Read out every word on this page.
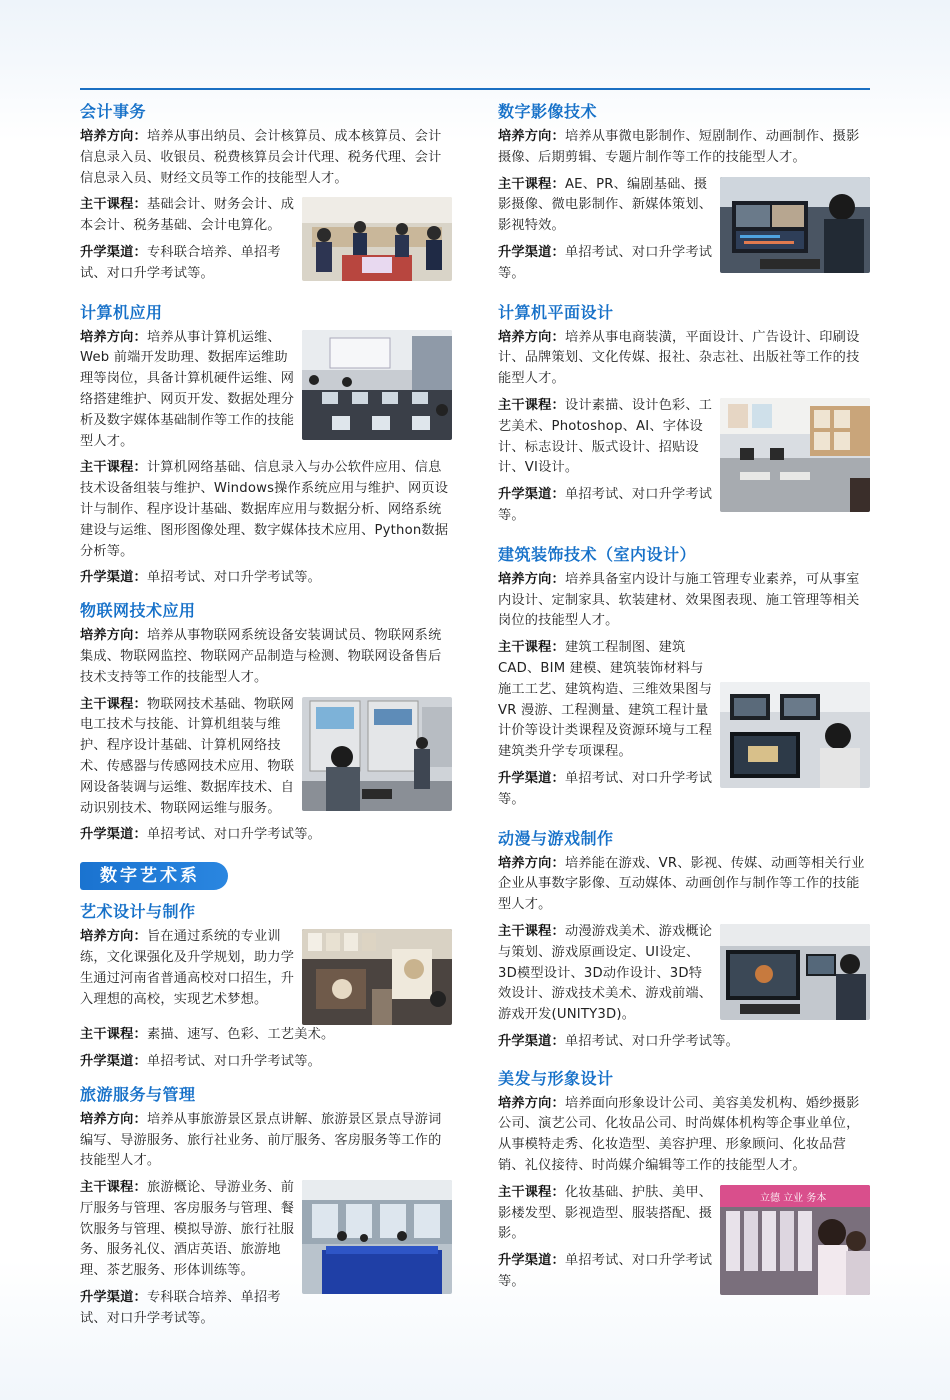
会计事务

培养方向：培养从事出纳员、会计核算员、成本核算员、会计信息录入员、收银员、税费核算员会计代理、税务代理、会计信息录入员、财经文员等工作的技能型人才。

主干课程：基础会计、财务会计、成本会计、税务基础、会计电算化。

升学渠道：专科联合培养、单招考试、对口升学考试等。

计算机应用

培养方向：培养从事计算机运维、Web 前端开发助理、数据库运维助理等岗位，具备计算机硬件运维、网络搭建维护、网页开发、数据处理分析及数字媒体基础制作等工作的技能型人才。

主干课程：计算机网络基础、信息录入与办公软件应用、信息技术设备组装与维护、Windows操作系统应用与维护、网页设计与制作、程序设计基础、数据库应用与数据分析、网络系统建设与运维、图形图像处理、数字媒体技术应用、Python数据分析等。

升学渠道：单招考试、对口升学考试等。

物联网技术应用

培养方向：培养从事物联网系统设备安装调试员、物联网系统集成、物联网监控、物联网产品制造与检测、物联网设备售后技术支持等工作的技能型人才。

主干课程：物联网技术基础、物联网电工技术与技能、计算机组装与维护、程序设计基础、计算机网络技术、传感器与传感网技术应用、物联网设备装调与运维、数据库技术、自动识别技术、物联网运维与服务。

升学渠道：单招考试、对口升学考试等。

数字艺术系
艺术设计与制作

培养方向：旨在通过系统的专业训练，文化课强化及升学规划，助力学生通过河南省普通高校对口招生，升入理想的高校，实现艺术梦想。

主干课程：素描、速写、色彩、工艺美术。

升学渠道：单招考试、对口升学考试等。

旅游服务与管理

培养方向：培养从事旅游景区景点讲解、旅游景区景点导游词编写、导游服务、旅行社业务、前厅服务、客房服务等工作的技能型人才。

主干课程：旅游概论、导游业务、前厅服务与管理、客房服务与管理、餐饮服务与管理、模拟导游、旅行社服务、服务礼仪、酒店英语、旅游地理、茶艺服务、形体训练等。

升学渠道：专科联合培养、单招考试、对口升学考试等。

数字影像技术

培养方向：培养从事微电影制作、短剧制作、动画制作、摄影摄像、后期剪辑、专题片制作等工作的技能型人才。

主干课程：AE、PR、编剧基础、摄影摄像、微电影制作、新媒体策划、影视特效。

升学渠道：单招考试、对口升学考试等。

计算机平面设计

培养方向：培养从事电商装潢，平面设计、广告设计、印刷设计、品牌策划、文化传媒、报社、杂志社、出版社等工作的技能型人才。

主干课程：设计素描、设计色彩、工艺美术、Photoshop、AI、字体设计、标志设计、版式设计、招贴设计、VI设计。

升学渠道：单招考试、对口升学考试等。

建筑装饰技术（室内设计）

培养方向：培养具备室内设计与施工管理专业素养，可从事室内设计、定制家具、软装建材、效果图表现、施工管理等相关岗位的技能型人才。

主干课程：建筑工程制图、建筑CAD、BIM 建模、建筑装饰材料与施工工艺、建筑构造、三维效果图与VR 漫游、工程测量、建筑工程计量计价等设计类课程及资源环境与工程建筑类升学专项课程。

升学渠道：单招考试、对口升学考试等。

动漫与游戏制作

培养方向：培养能在游戏、VR、影视、传媒、动画等相关行业企业从事数字影像、互动媒体、动画创作与制作等工作的技能型人才。

主干课程：动漫游戏美术、游戏概论与策划、游戏原画设定、UI设定、3D模型设计、3D动作设计、3D特效设计、游戏技术美术、游戏前端、游戏开发(UNITY3D)。

升学渠道：单招考试、对口升学考试等。

美发与形象设计

培养方向：培养面向形象设计公司、美容美发机构、婚纱摄影公司、演艺公司、化妆品公司、时尚媒体机构等企事业单位，从事模特走秀、化妆造型、美容护理、形象顾问、化妆品营销、礼仪接待、时尚媒介编辑等工作的技能型人才。

立德 立业 务本

主干课程：化妆基础、护肤、美甲、影楼发型、影视造型、服装搭配、摄影。

升学渠道：单招考试、对口升学考试等。
